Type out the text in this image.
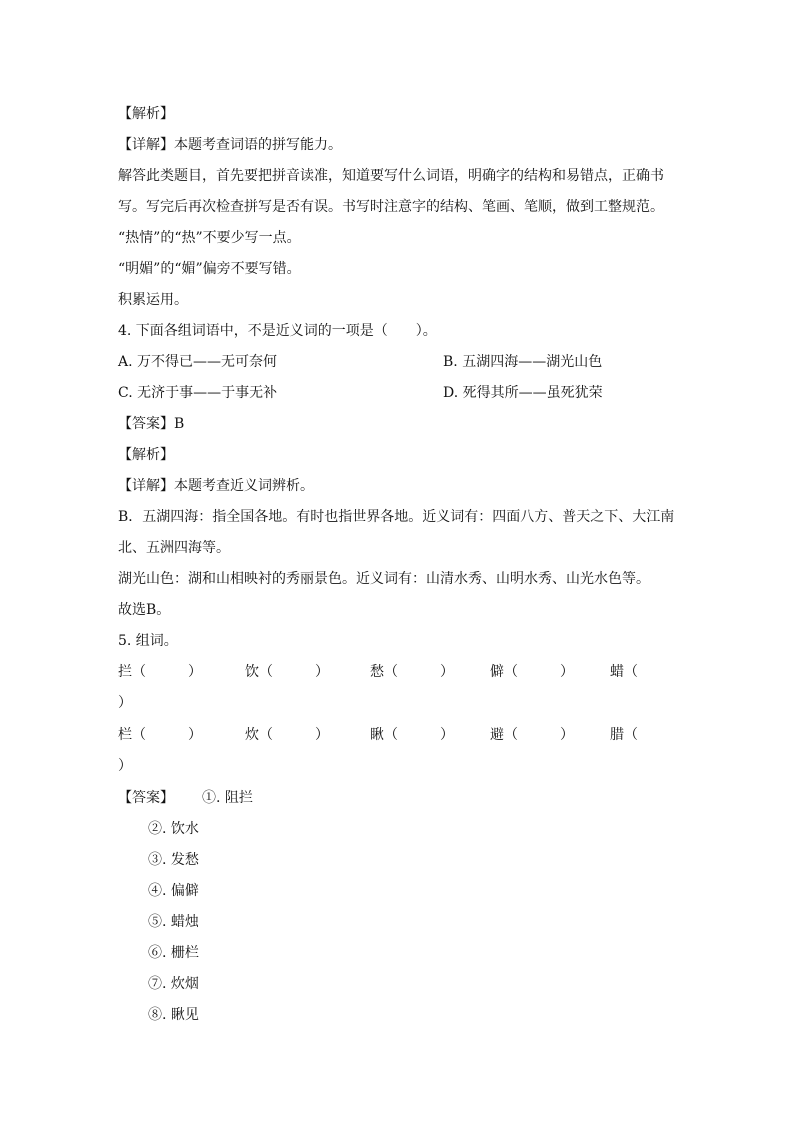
【解析】
【详解】本题考查词语的拼写能力。
解答此类题目，首先要把拼音读准，知道要写什么词语，明确字的结构和易错点，正确书
写。写完后再次检查拼写是否有误。书写时注意字的结构、笔画、笔顺，做到工整规范。
“热情”的“热”不要少写一点。
“明媚”的“媚”偏旁不要写错。
积累运用。
4. 下面各组词语中，不是近义词的一项是（　　）。
A. 万不得已——无可奈何	B. 五湖四海——湖光山色
C. 无济于事——于事无补	D. 死得其所——虽死犹荣
【答案】B
【解析】
【详解】本题考查近义词辨析。
B．五湖四海：指全国各地。有时也指世界各地。近义词有：四面八方、普天之下、大江南
北、五洲四海等。
湖光山色：湖和山相映衬的秀丽景色。近义词有：山清水秀、山明水秀、山光水色等。
故选B。
5. 组词。
拦（　　　）	饮（　　　）	愁（　　　）	僻（　　　）	蜡（
）
栏（　　　）	炊（　　　）	瞅（　　　）	避（　　　）	腊（
）
【答案】 ①. 阻拦
②. 饮水
③. 发愁
④. 偏僻
⑤. 蜡烛
⑥. 栅栏
⑦. 炊烟
⑧. 瞅见
